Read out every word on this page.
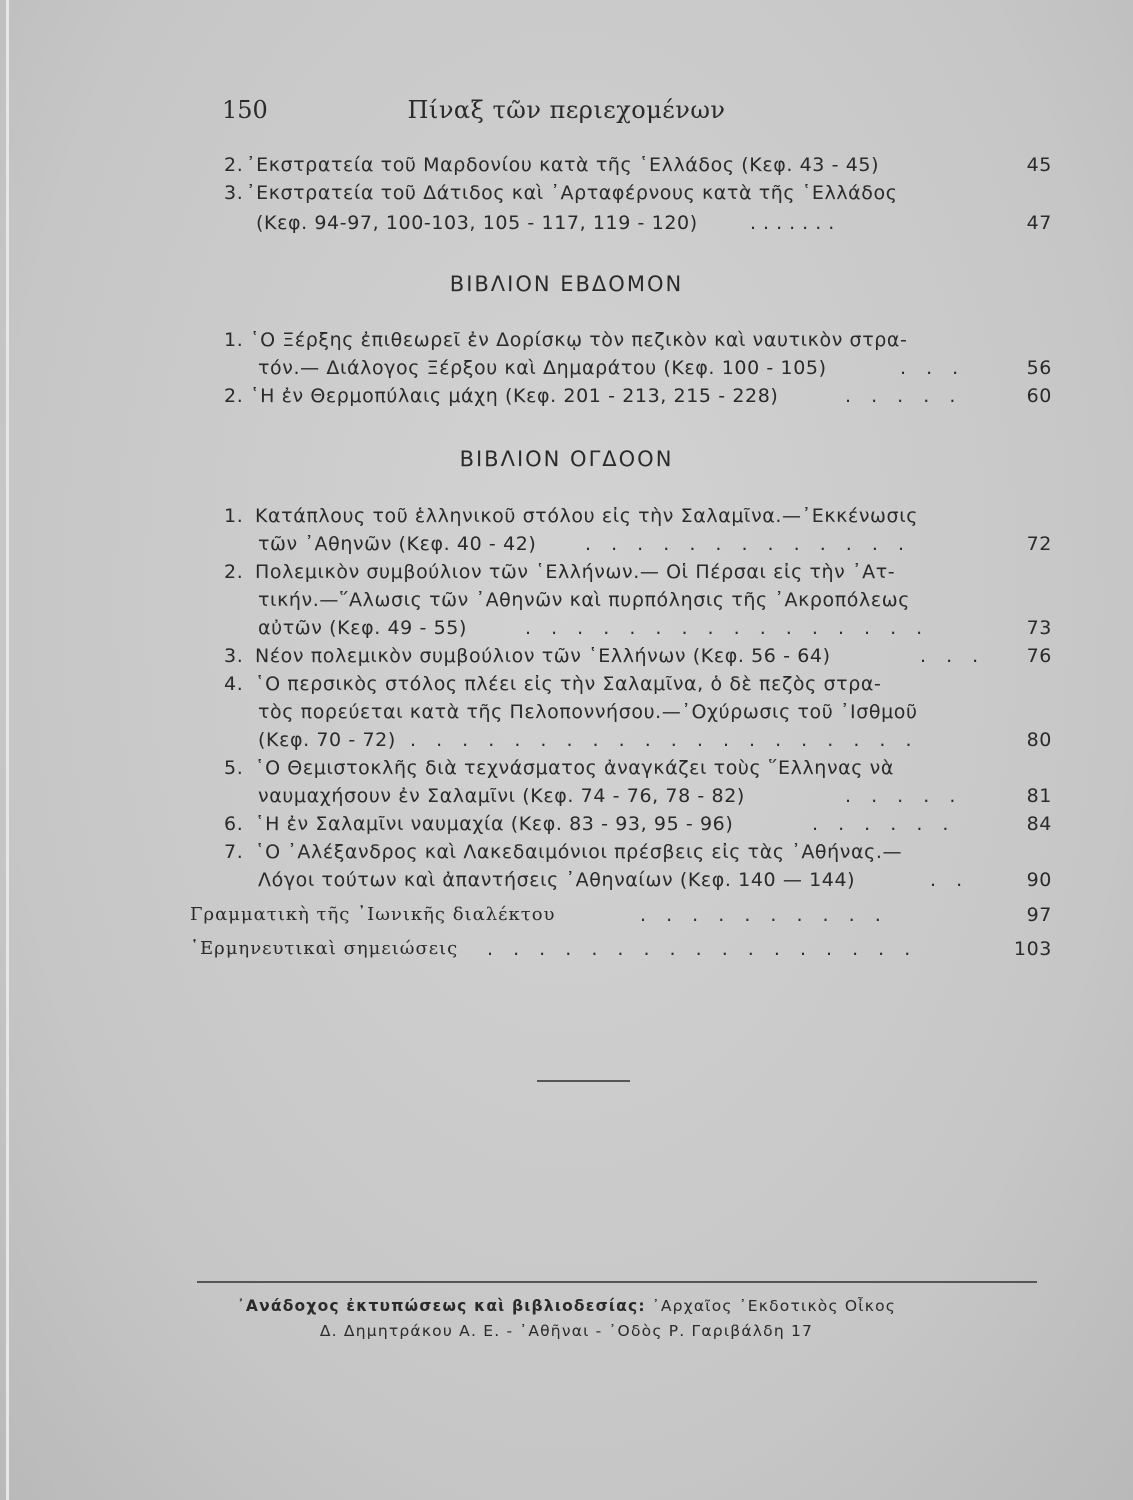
150	Πίναξ τῶν περιεχομένων
2. ᾿Εκστρατεία τοῦ Μαρδονίου κατὰ τῆς ῾Ελλάδος (Κεφ. 43 - 45)	45
3. ᾿Εκστρατεία τοῦ Δάτιδος καὶ ᾿Αρταφέρνους κατὰ τῆς ῾Ελλάδος
(Κεφ. 94-97, 100-103, 105 - 117, 119 - 120)	.......	47
ΒΙΒΛΙΟΝ ΕΒΔΟΜΟΝ
1. ῾Ο Ξέρξης ἐπιθεωρεῖ ἐν Δορίσκῳ τὸν πεζικὸν καὶ ναυτικὸν στρα-
τόν.— Διάλογος Ξέρξου καὶ Δημαράτου (Κεφ. 100 - 105)	. . .	56
2. ῾Η ἐν Θερμοπύλαις μάχη (Κεφ. 201 - 213, 215 - 228)	. . . . .	60
ΒΙΒΛΙΟΝ ΟΓΔΟΟΝ
1. Κατάπλους τοῦ ἑλληνικοῦ στόλου εἰς τὴν Σαλαμῖνα.—᾿Εκκένωσις
τῶν ᾿Αθηνῶν (Κεφ. 40 - 42)	. . . . . . . . . . . . .	72
2. Πολεμικὸν συμβούλιον τῶν ῾Ελλήνων.— Οἱ Πέρσαι εἰς τὴν ᾿Ατ-
τικήν.—῞Αλωσις τῶν ᾿Αθηνῶν καὶ πυρπόλησις τῆς ᾿Ακροπόλεως
αὐτῶν (Κεφ. 49 - 55)	. . . . . . . . . . . . . . . .	73
3. Νέον πολεμικὸν συμβούλιον τῶν ῾Ελλήνων (Κεφ. 56 - 64)	. . . 76
4. ῾Ο περσικὸς στόλος πλέει εἰς τὴν Σαλαμῖνα, ὁ δὲ πεζὸς στρα-
τὸς πορεύεται κατὰ τῆς Πελοποννήσου.—᾿Οχύρωσις τοῦ ᾿Ισθμοῦ
(Κεφ. 70 - 72) . . . . . . . . . . . . . . . . . . . .	80
5. ῾Ο Θεμιστοκλῆς διὰ τεχνάσματος ἀναγκάζει τοὺς ῞Ελληνας νὰ
ναυμαχήσουν ἐν Σαλαμῖνι (Κεφ. 74 - 76, 78 - 82)	. . . . .	81
6. ῾Η ἐν Σαλαμῖνι ναυμαχία (Κεφ. 83 - 93, 95 - 96)	. . . . . .	84
7. ῾Ο ᾿Αλέξανδρος καὶ Λακεδαιμόνιοι πρέσβεις εἰς τὰς ᾿Αθήνας.—
Λόγοι τούτων καὶ ἀπαντήσεις ᾿Αθηναίων (Κεφ. 140 — 144)	. .	90
Γραμματικὴ τῆς ᾿Ιωνικῆς διαλέκτου	. . . . . . . . . .	97
῾Ερμηνευτικαὶ σημειώσεις . . . . . . . . . . . . . . . . .	103
᾿Ανάδοχος ἐκτυπώσεως καὶ βιβλιοδεσίας: ᾿Αρχαῖος ᾿Εκδοτικὸς Οἶκος
Δ. Δημητράκου Α. Ε. - ᾿Αθῆναι - ᾿Οδὸς Ρ. Γαριβάλδη 17
